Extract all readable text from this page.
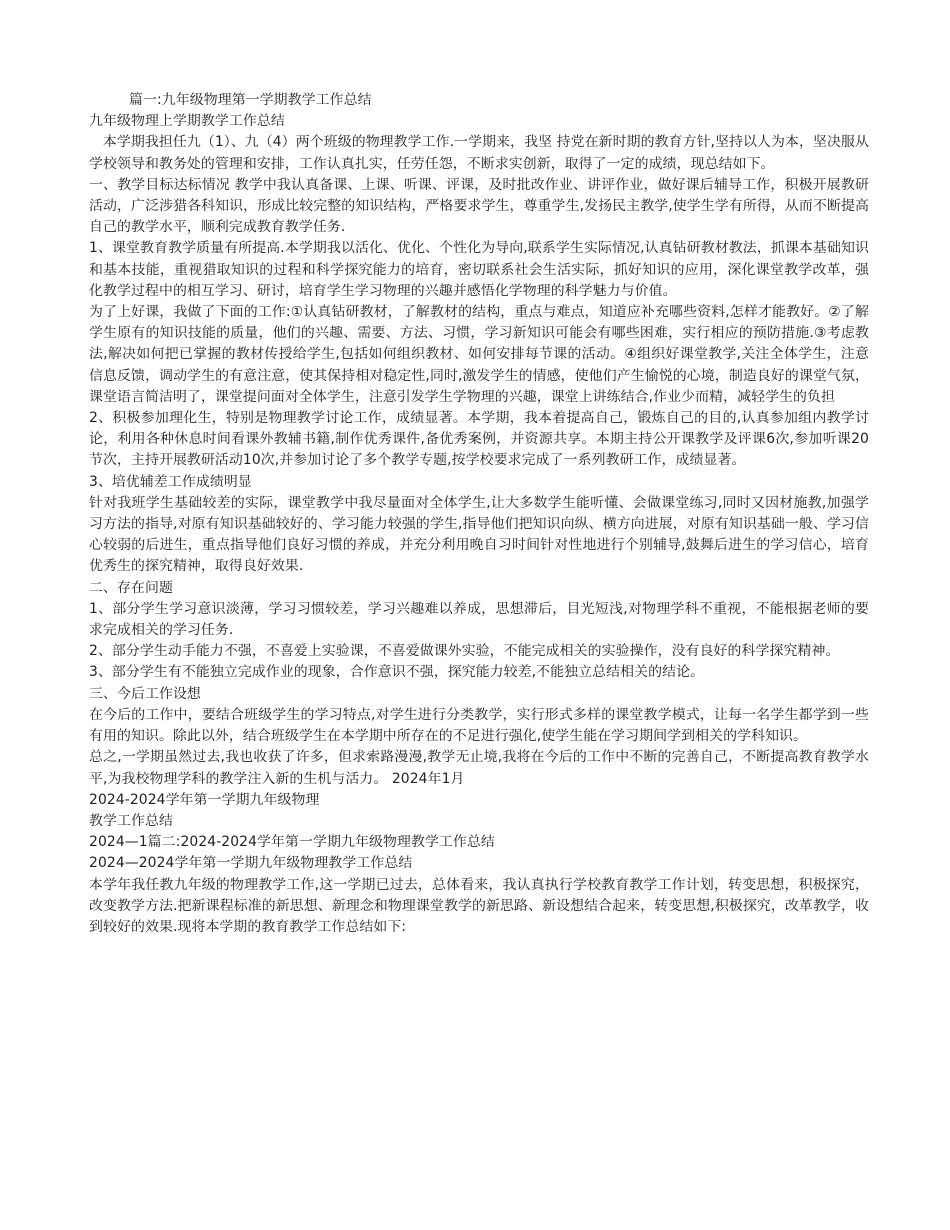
篇一:九年级物理第一学期教学工作总结

九年级物理上学期教学工作总结

本学期我担任九（1）、九（4）两个班级的物理教学工作.一学期来，我坚 持党在新时期的教育方针,坚持以人为本，坚决服从学校领导和教务处的管理和安排，工作认真扎实，任劳任怨，不断求实创新，取得了一定的成绩，现总结如下。

一、教学目标达标情况 教学中我认真备课、上课、听课、评课，及时批改作业、讲评作业，做好课后辅导工作，积极开展教研活动，广泛涉猎各科知识，形成比较完整的知识结构，严格要求学生，尊重学生,发扬民主教学,使学生学有所得，从而不断提高自己的教学水平，顺利完成教育教学任务.

1、课堂教育教学质量有所提高.本学期我以活化、优化、个性化为导向,联系学生实际情况,认真钻研教材教法，抓课本基础知识和基本技能，重视猎取知识的过程和科学探究能力的培育，密切联系社会生活实际，抓好知识的应用，深化课堂教学改革，强化教学过程中的相互学习、研讨，培育学生学习物理的兴趣并感悟化学物理的科学魅力与价值。

为了上好课，我做了下面的工作:①认真钻研教材，了解教材的结构，重点与难点，知道应补充哪些资料,怎样才能教好。②了解学生原有的知识技能的质量，他们的兴趣、需要、方法、习惯，学习新知识可能会有哪些困难，实行相应的预防措施.③考虑教法,解决如何把已掌握的教材传授给学生,包括如何组织教材、如何安排每节课的活动。④组织好课堂教学,关注全体学生，注意信息反馈，调动学生的有意注意，使其保持相对稳定性,同时,激发学生的情感，使他们产生愉悦的心境，制造良好的课堂气氛，课堂语言简洁明了，课堂提问面对全体学生，注意引发学生学物理的兴趣，课堂上讲练结合,作业少而精，减轻学生的负担

2、积极参加理化生，特别是物理教学讨论工作，成绩显著。本学期，我本着提高自己，锻炼自己的目的,认真参加组内教学讨论，利用各种休息时间看课外教辅书籍,制作优秀课件,备优秀案例，并资源共享。本期主持公开课教学及评课6次,参加听课20节次，主持开展教研活动10次,并参加讨论了多个教学专题,按学校要求完成了一系列教研工作，成绩显著。

3、培优辅差工作成绩明显

针对我班学生基础较差的实际，课堂教学中我尽量面对全体学生,让大多数学生能听懂、会做课堂练习,同时又因材施教,加强学习方法的指导,对原有知识基础较好的、学习能力较强的学生,指导他们把知识向纵、横方向进展，对原有知识基础一般、学习信心较弱的后进生，重点指导他们良好习惯的养成，并充分利用晚自习时间针对性地进行个别辅导,鼓舞后进生的学习信心，培育优秀生的探究精神，取得良好效果.

二、存在问题

1、部分学生学习意识淡薄，学习习惯较差，学习兴趣难以养成，思想滞后，目光短浅,对物理学科不重视，不能根据老师的要求完成相关的学习任务.

2、部分学生动手能力不强，不喜爱上实验课，不喜爱做课外实验，不能完成相关的实验操作，没有良好的科学探究精神。

3、部分学生有不能独立完成作业的现象，合作意识不强，探究能力较差,不能独立总结相关的结论。

三、今后工作设想

在今后的工作中，要结合班级学生的学习特点,对学生进行分类教学，实行形式多样的课堂教学模式，让每一名学生都学到一些有用的知识。除此以外，结合班级学生在本学期中所存在的不足进行强化,使学生能在学习期间学到相关的学科知识。

总之,一学期虽然过去,我也收获了许多，但求索路漫漫,教学无止境,我将在今后的工作中不断的完善自己，不断提高教育教学水平,为我校物理学科的教学注入新的生机与活力。 2024年1月

2024-2024学年第一学期九年级物理

教学工作总结

2024—1篇二:2024-2024学年第一学期九年级物理教学工作总结

2024—2024学年第一学期九年级物理教学工作总结

本学年我任教九年级的物理教学工作,这一学期已过去，总体看来，我认真执行学校教育教学工作计划，转变思想，积极探究，改变教学方法.把新课程标准的新思想、新理念和物理课堂教学的新思路、新设想结合起来，转变思想,积极探究，改革教学，收到较好的效果.现将本学期的教育教学工作总结如下:
